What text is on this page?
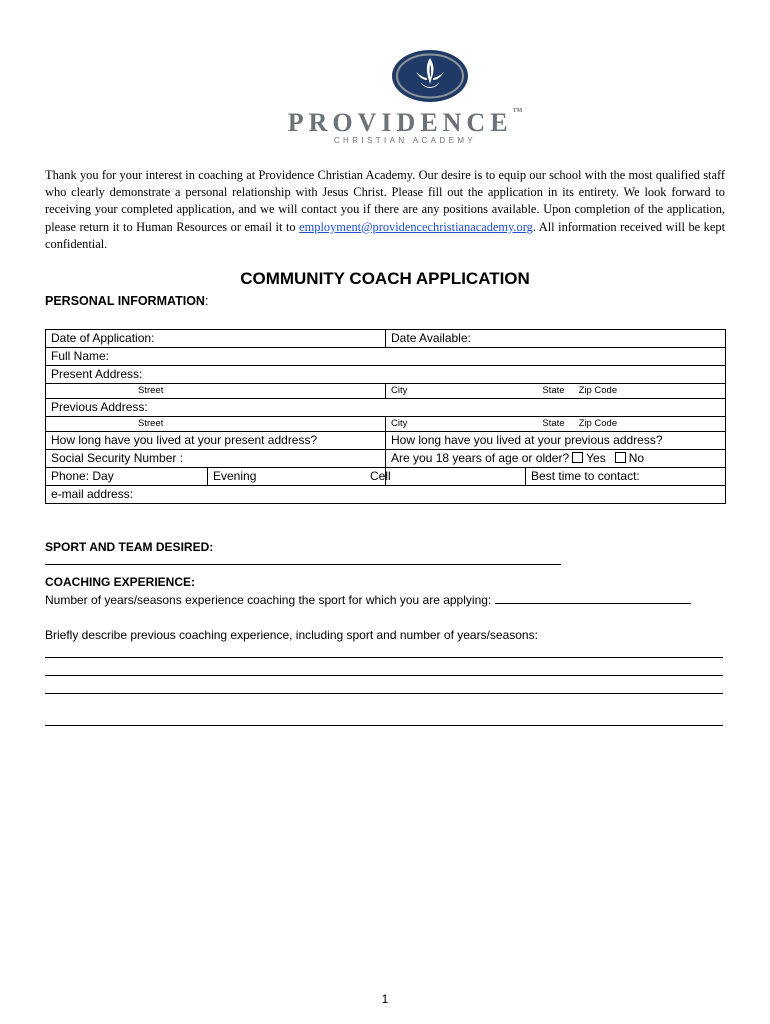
PROVIDENCE™
CHRISTIAN ACADEMY
Thank you for your interest in coaching at Providence Christian Academy. Our desire is to equip our school with the most qualified staff who clearly demonstrate a personal relationship with Jesus Christ. Please fill out the application in its entirety. We look forward to receiving your completed application, and we will contact you if there are any positions available. Upon completion of the application, please return it to Human Resources or email it to employment@providencechristianacademy.org. All information received will be kept confidential.
COMMUNITY COACH APPLICATION
PERSONAL INFORMATION:
Date of Application:		Date Available:	
Full Name:			
Present Address:			
Street		City State Zip Code	
Previous Address:			
Street		City State Zip Code	
How long have you lived at your present address?		How long have you lived at your previous address?	
Social Security Number :		Are you 18 years of age or older? Yes No	
Phone: Day	Evening	Cell	Best time to contact:
e-mail address:			
SPORT AND TEAM DESIRED:
COACHING EXPERIENCE:
Number of years/seasons experience coaching the sport for which you are applying:
Briefly describe previous coaching experience, including sport and number of years/seasons:
1
